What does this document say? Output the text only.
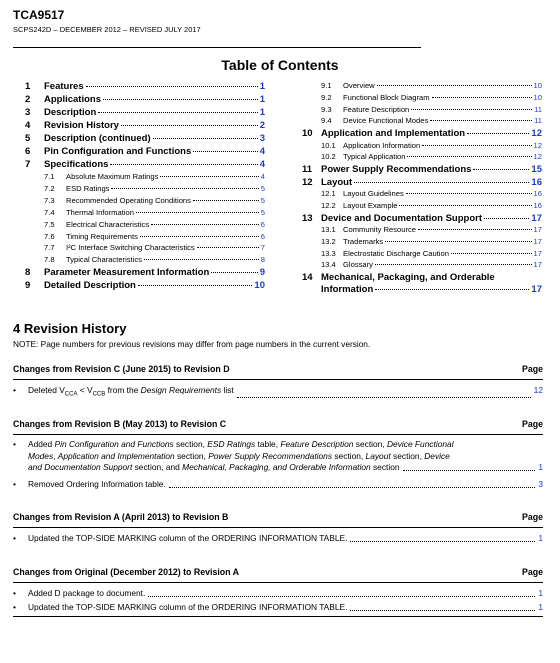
TCA9517
SCPS242D – DECEMBER 2012 – REVISED JULY 2017
Table of Contents
1	Features	1
2	Applications	1
3	Description	1
4	Revision History	2
5	Description (continued)	3
6	Pin Configuration and Functions	4
7	Specifications	4
7.1	Absolute Maximum Ratings	4
7.2	ESD Ratings	5
7.3	Recommended Operating Conditions	5
7.4	Thermal Information	5
7.5	Electrical Characteristics	6
7.6	Timing Requirements	6
7.7	I²C Interface Switching Characteristics	7
7.8	Typical Characteristics	8
8	Parameter Measurement Information	9
9	Detailed Description	10
9.1	Overview	10
9.2	Functional Block Diagram	10
9.3	Feature Description	11
9.4	Device Functional Modes	11
10 Application and Implementation	12
10.1 Application Information	12
10.2 Typical Application	12
11 Power Supply Recommendations	15
12 Layout	16
12.1 Layout Guidelines	16
12.2 Layout Example	16
13 Device and Documentation Support	17
13.1 Community Resource	17
13.2 Trademarks	17
13.3 Electrostatic Discharge Caution	17
13.4 Glossary	17
14 Mechanical, Packaging, and Orderable
Information	17
4 Revision History
NOTE: Page numbers for previous revisions may differ from page numbers in the current version.
Changes from Revision C (June 2015) to Revision D	Page
•	Deleted $V_{CCA} < V_{CCB}$ from the Design Requirements list	12
Changes from Revision B (May 2013) to Revision C	Page
•	Added Pin Configuration and Functions section, ESD Ratings table, Feature Description section, Device Functional
Modes, Application and Implementation section, Power Supply Recommendations section, Layout section, Device
and Documentation Support section, and Mechanical, Packaging, and Orderable Information section	1
•	Removed Ordering Information table.	3
Changes from Revision A (April 2013) to Revision B	Page
•	Updated the TOP-SIDE MARKING column of the ORDERING INFORMATION TABLE.	1
Changes from Original (December 2012) to Revision A	Page
•	Added D package to document.	1
•	Updated the TOP-SIDE MARKING column of the ORDERING INFORMATION TABLE.	1
